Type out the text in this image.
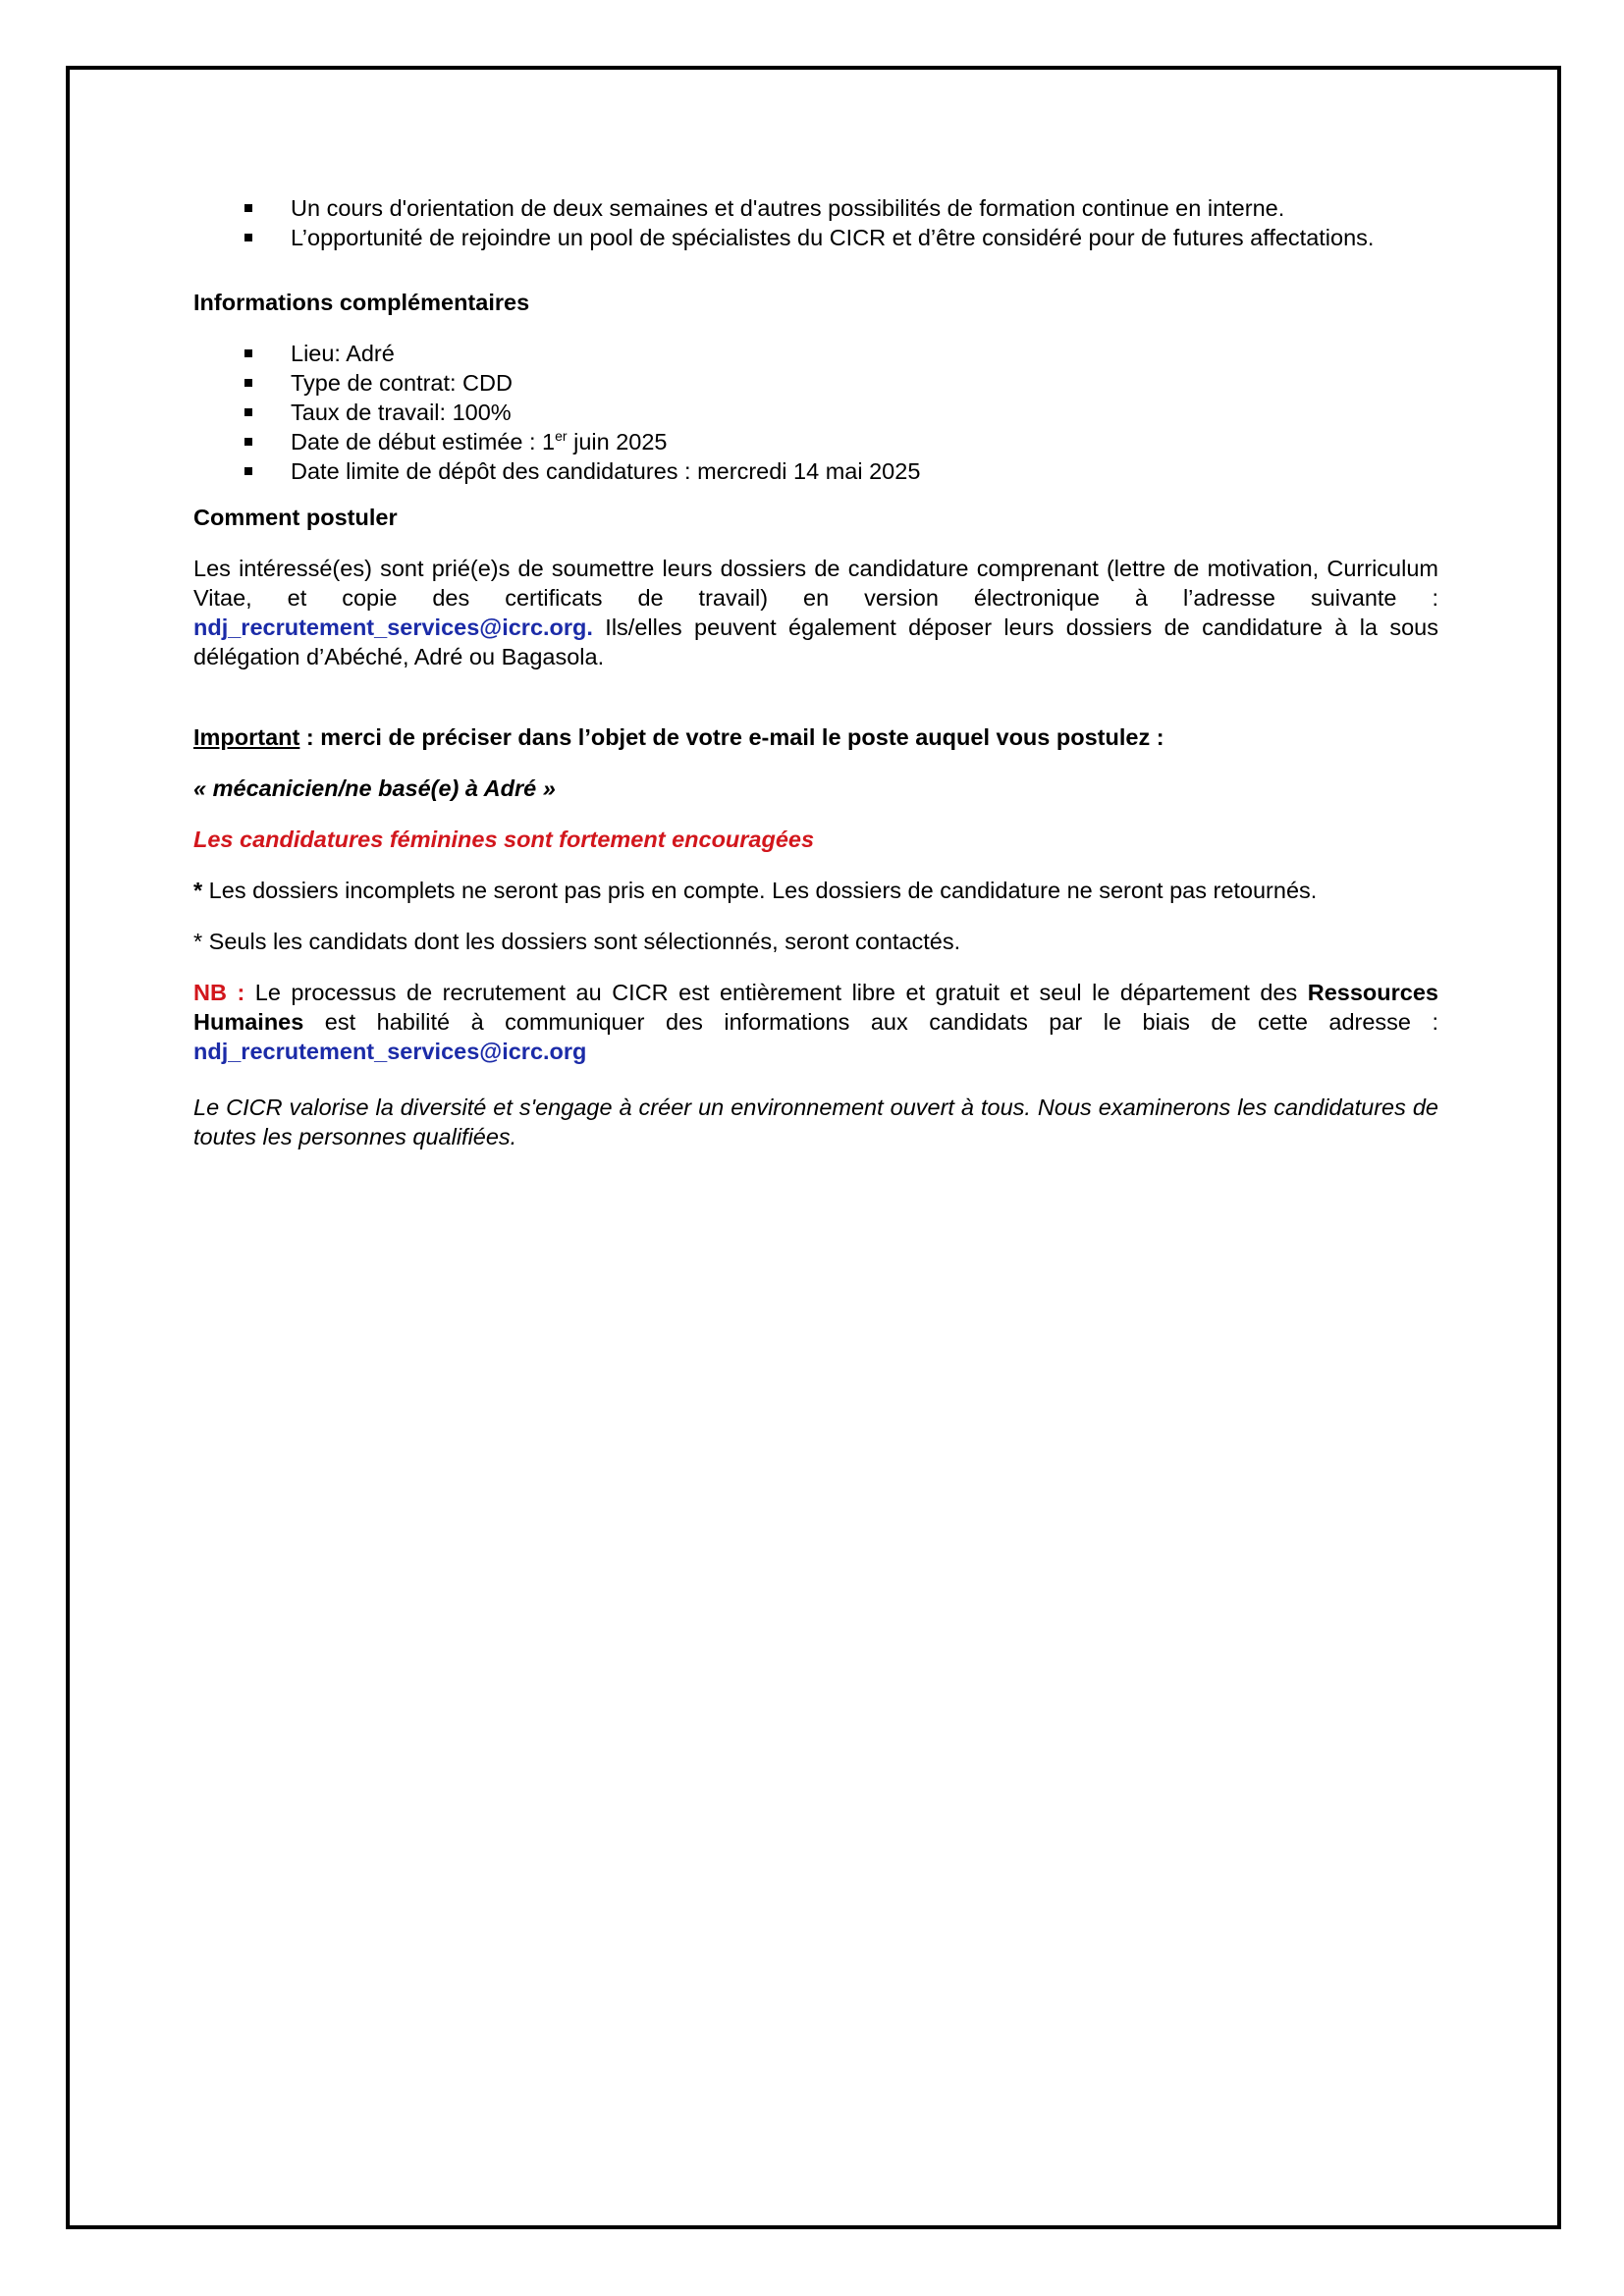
Un cours d'orientation de deux semaines et d'autres possibilités de formation continue en interne.
L’opportunité de rejoindre un pool de spécialistes du CICR et d’être considéré pour de futures affectations.

Informations complémentaires

Lieu: Adré
Type de contrat: CDD
Taux de travail: 100%
Date de début estimée : 1er juin 2025
Date limite de dépôt des candidatures : mercredi 14 mai 2025

Comment postuler

Les intéressé(es) sont prié(e)s de soumettre leurs dossiers de candidature comprenant (lettre de motivation, Curriculum Vitae, et copie des certificats de travail) en version électronique à l’adresse suivante : ndj_recrutement_services@icrc.org. Ils/elles peuvent également déposer leurs dossiers de candidature à la sous délégation d’Abéché, Adré ou Bagasola.

Important : merci de préciser dans l’objet de votre e-mail le poste auquel vous postulez :

« mécanicien/ne basé(e) à Adré »

Les candidatures féminines sont fortement encouragées

* Les dossiers incomplets ne seront pas pris en compte. Les dossiers de candidature ne seront pas retournés.

* Seuls les candidats dont les dossiers sont sélectionnés, seront contactés.

NB : Le processus de recrutement au CICR est entièrement libre et gratuit et seul le département des Ressources Humaines est habilité à communiquer des informations aux candidats par le biais de cette adresse : ndj_recrutement_services@icrc.org

Le CICR valorise la diversité et s'engage à créer un environnement ouvert à tous. Nous examinerons les candidatures de toutes les personnes qualifiées.
